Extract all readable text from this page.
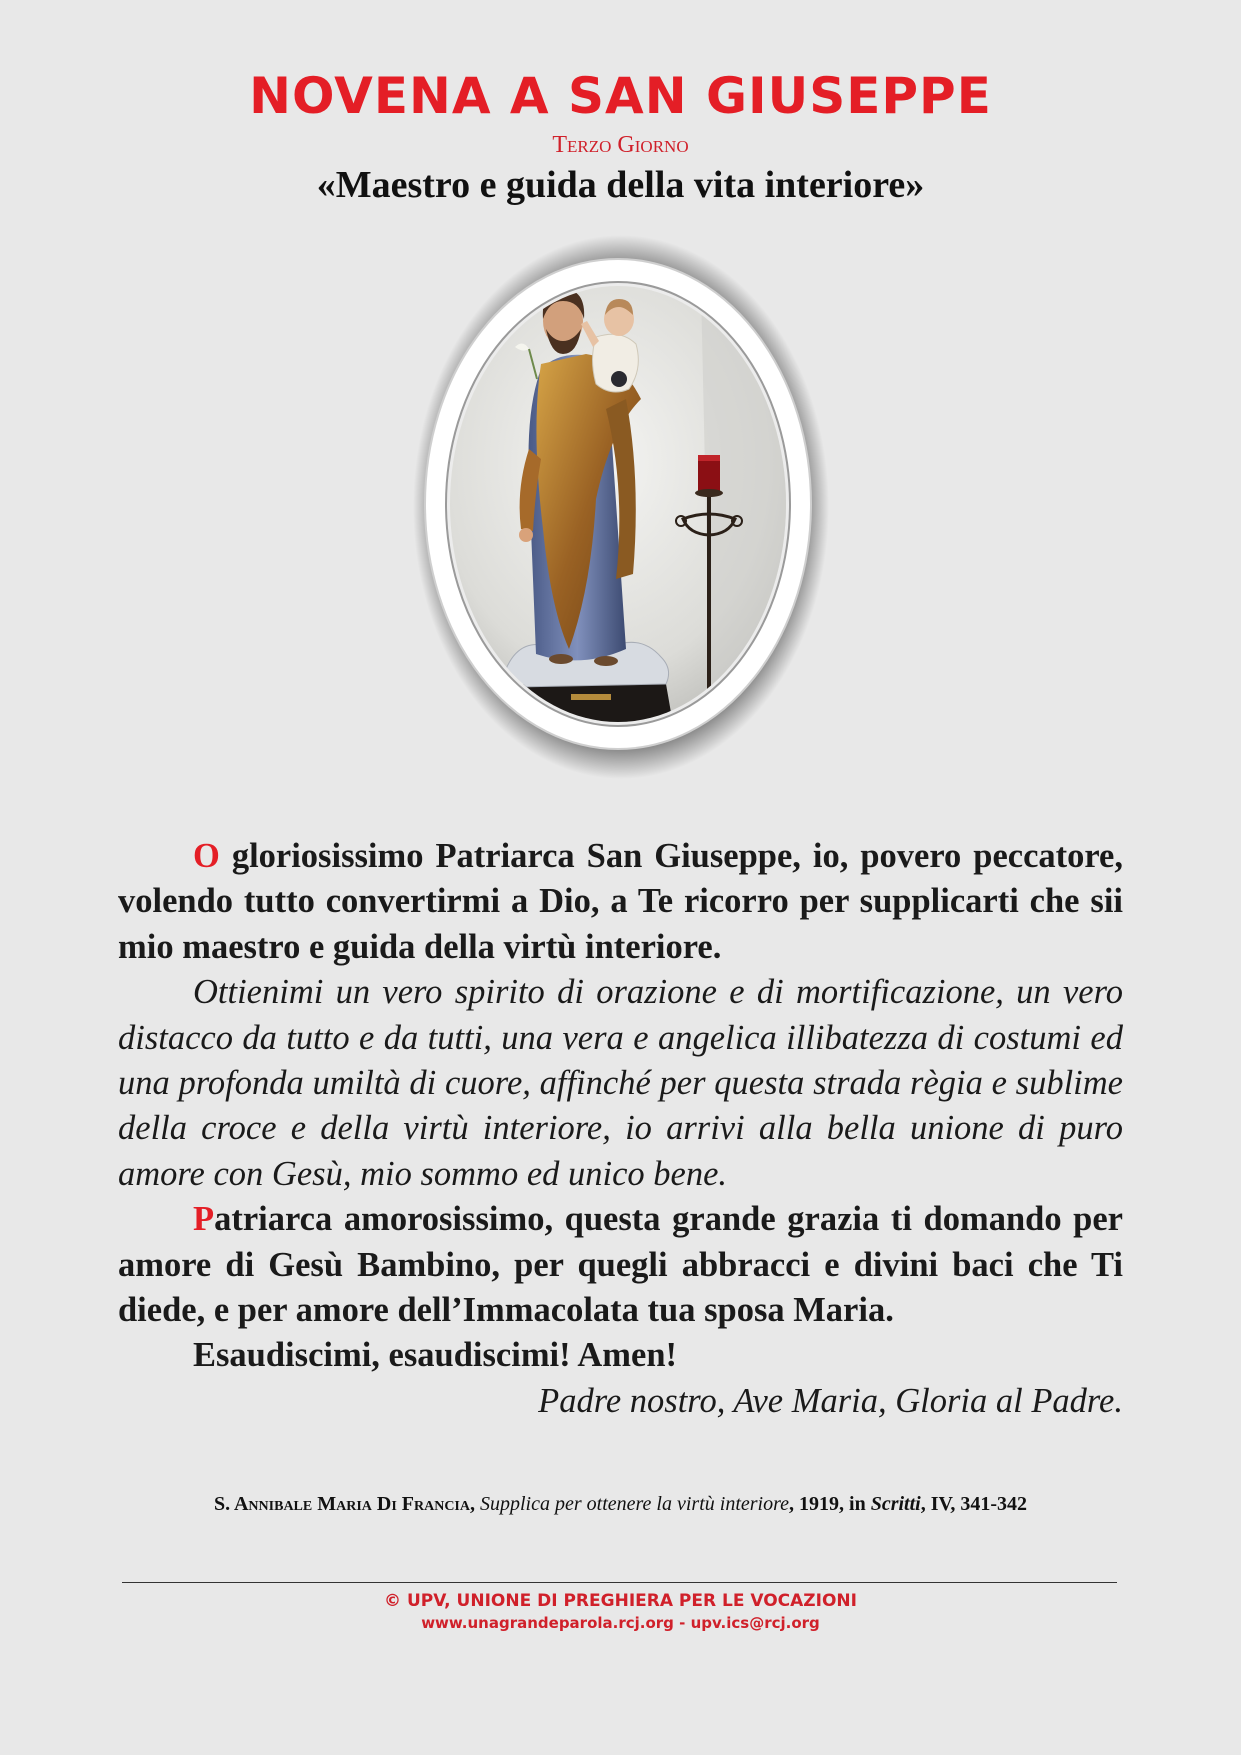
NOVENA A SAN GIUSEPPE
Terzo Giorno
«Maestro e guida della vita interiore»

O gloriosissimo Patriarca San Giuseppe, io, povero peccatore, volendo tutto convertirmi a Dio, a Te ricorro per supplicarti che sii mio maestro e guida della virtù interiore.

Ottienimi un vero spirito di orazione e di mortificazione, un vero distacco da tutto e da tutti, una vera e angelica illibatezza di costumi ed una profonda umiltà di cuore, affinché per questa strada règia e sublime della croce e della virtù interiore, io arrivi alla bella unione di puro amore con Gesù, mio sommo ed unico bene.

Patriarca amorosissimo, questa grande grazia ti domando per amore di Gesù Bambino, per quegli abbracci e divini baci che Ti diede, e per amore dell’Immacolata tua sposa Maria.

Esaudiscimi, esaudiscimi! Amen!

Padre nostro, Ave Maria, Gloria al Padre.

S. Annibale Maria Di Francia, Supplica per ottenere la virtù interiore, 1919, in Scritti, IV, 341-342
© UPV, UNIONE DI PREGHIERA PER LE VOCAZIONI
www.unagrandeparola.rcj.org - upv.ics@rcj.org
